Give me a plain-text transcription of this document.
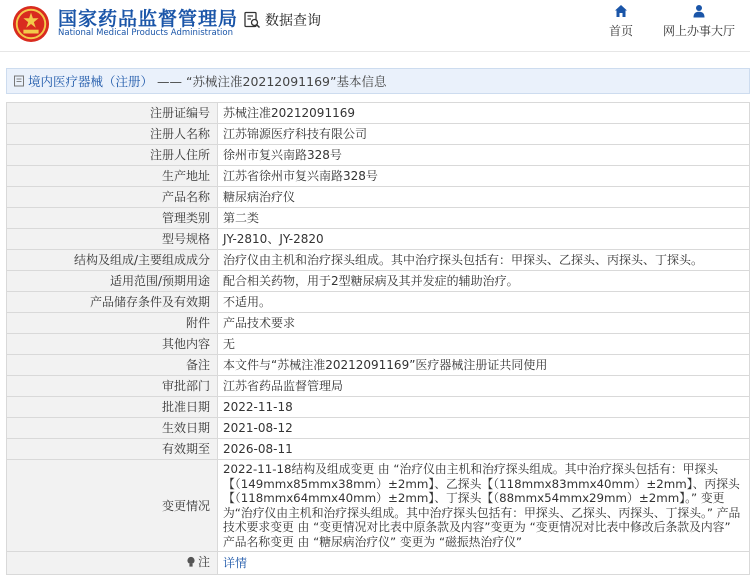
国家药品监督管理局
National Medical Products Administration
数据查询
首页	网上办事大厅
境内医疗器械（注册） —— “苏械注准20212091169”基本信息
注册证编号	苏械注准20212091169
注册人名称	江苏锦源医疗科技有限公司
注册人住所	徐州市复兴南路328号
生产地址	江苏省徐州市复兴南路328号
产品名称	糖尿病治疗仪
管理类别	第二类
型号规格	JY-2810、JY-2820
结构及组成/主要组成成分	治疗仪由主机和治疗探头组成。其中治疗探头包括有：甲探头、乙探头、丙探头、丁探头。
适用范围/预期用途	配合相关药物，用于2型糖尿病及其并发症的辅助治疗。
产品储存条件及有效期	不适用。
附件	产品技术要求
其他内容	无
备注	本文件与“苏械注准20212091169”医疗器械注册证共同使用
审批部门	江苏省药品监督管理局
批准日期	2022-11-18
生效日期	2021-08-12
有效期至	2026-08-11
变更情况	2022-11-18结构及组成变更 由 “治疗仪由主机和治疗探头组成。其中治疗探头包括有：甲探头【（149mmx85mmx38mm）±2mm】、乙探头【（118mmx83mmx40mm）±2mm】、丙探头【（118mmx64mmx40mm）±2mm】、丁探头【（88mmx54mmx29mm）±2mm】。” 变更为“治疗仪由主机和治疗探头组成。其中治疗探头包括有：甲探头、乙探头、丙探头、丁探头。” 产品技术要求变更 由 “变更情况对比表中原条款及内容”变更为 “变更情况对比表中修改后条款及内容” 产品名称变更 由 “糖尿病治疗仪” 变更为 “磁振热治疗仪”

注	详情
